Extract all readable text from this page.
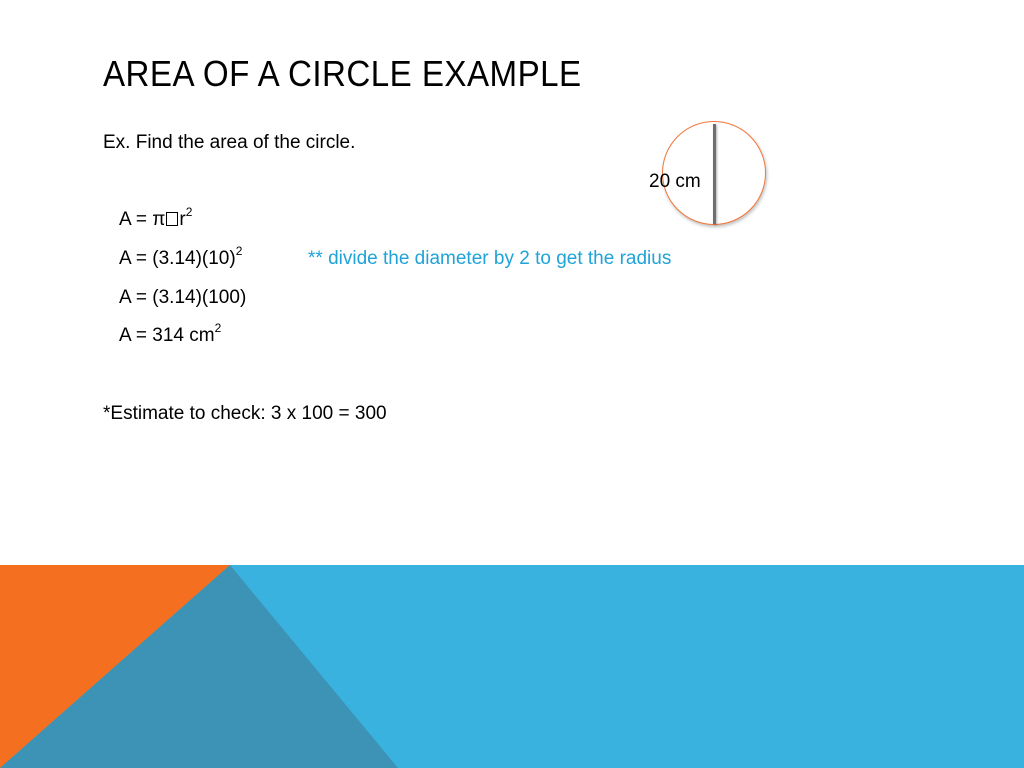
AREA OF A CIRCLE EXAMPLE
Ex. Find the area of the circle.
20 cm
A = π $r^2$
$A = (3.14)(10)^2$	** divide the diameter by 2 to get the radius
A = (3.14)(100)
A = 314 $cm^2$
*Estimate to check: 3 x 100 = 300
